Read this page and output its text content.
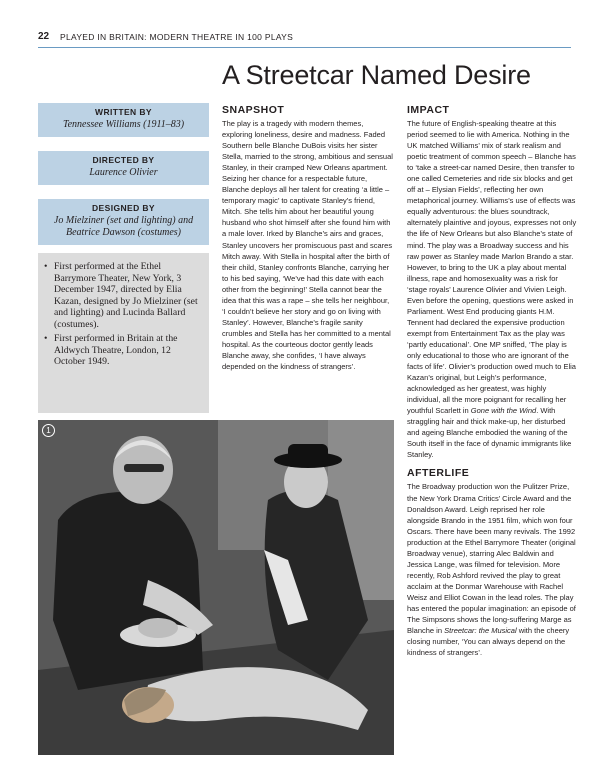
22 PLAYED IN BRITAIN: MODERN THEATRE IN 100 PLAYS
A Streetcar Named Desire
WRITTEN BY
Tennessee Williams (1911–83)
DIRECTED BY
Laurence Olivier
DESIGNED BY
Jo Mielziner (set and lighting) and Beatrice Dawson (costumes)
• First performed at the Ethel Barrymore Theater, New York, 3 December 1947, directed by Elia Kazan, designed by Jo Mielziner (set and lighting) and Lucinda Ballard (costumes).
• First performed in Britain at the Aldwych Theatre, London, 12 October 1949.
SNAPSHOT

The play is a tragedy with modern themes, exploring loneliness, desire and madness. Faded Southern belle Blanche DuBois visits her sister Stella, married to the strong, ambitious and sensual Stanley, in their cramped New Orleans apartment. Seizing her chance for a respectable future, Blanche deploys all her talent for creating ‘a little – temporary magic’ to captivate Stanley’s friend, Mitch. She tells him about her beautiful young husband who shot himself after she found him with a male lover. Irked by Blanche’s airs and graces, Stanley uncovers her promiscuous past and scares Mitch away. With Stella in hospital after the birth of their child, Stanley confronts Blanche, carrying her to his bed saying, ‘We’ve had this date with each other from the beginning!’ Stella cannot bear the idea that this was a rape – she tells her neighbour, ‘I couldn’t believe her story and go on living with Stanley’. However, Blanche’s fragile sanity crumbles and Stella has her committed to a mental hospital. As the courteous doctor gently leads Blanche away, she confides, ‘I have always depended on the kindness of strangers’.

IMPACT

The future of English-speaking theatre at this period seemed to lie with America. Nothing in the UK matched Williams’ mix of stark realism and poetic treatment of common speech – Blanche has to ‘take a street-car named Desire, then transfer to one called Cemeteries and ride six blocks and get off at – Elysian Fields’, reflecting her own metaphorical journey. Williams’s use of effects was equally adventurous: the blues soundtrack, alternately plaintive and joyous, expresses not only the life of New Orleans but also Blanche’s state of mind. The play was a Broadway success and his raw power as Stanley made Marlon Brando a star. However, to bring to the UK a play about mental illness, rape and homosexuality was a risk for ‘stage royals’ Laurence Olivier and Vivien Leigh. Even before the opening, questions were asked in Parliament. West End producing giants H.M. Tennent had declared the expensive production exempt from Entertainment Tax as the play was ‘partly educational’. One MP sniffed, ‘The play is only educational to those who are ignorant of the facts of life’. Olivier’s production owed much to Elia Kazan’s original, but Leigh’s performance, acknowledged as her greatest, was highly individual, all the more poignant for recalling her youthful Scarlett in Gone with the Wind. With straggling hair and thick make-up, her disturbed and ageing Blanche embodied the waning of the South itself in the face of dynamic immigrants like Stanley.

AFTERLIFE

The Broadway production won the Pulitzer Prize, the New York Drama Critics’ Circle Award and the Donaldson Award. Leigh reprised her role alongside Brando in the 1951 film, which won four Oscars. There have been many revivals. The 1992 production at the Ethel Barrymore Theater (original Broadway venue), starring Alec Baldwin and Jessica Lange, was filmed for television. More recently, Rob Ashford revived the play to great acclaim at the Donmar Warehouse with Rachel Weisz and Elliot Cowan in the lead roles. The play has entered the popular imagination: an episode of The Simpsons shows the long-suffering Marge as Blanche in Streetcar: the Musical with the cheery closing number, ‘You can always depend on the kindness of strangers’.

1
